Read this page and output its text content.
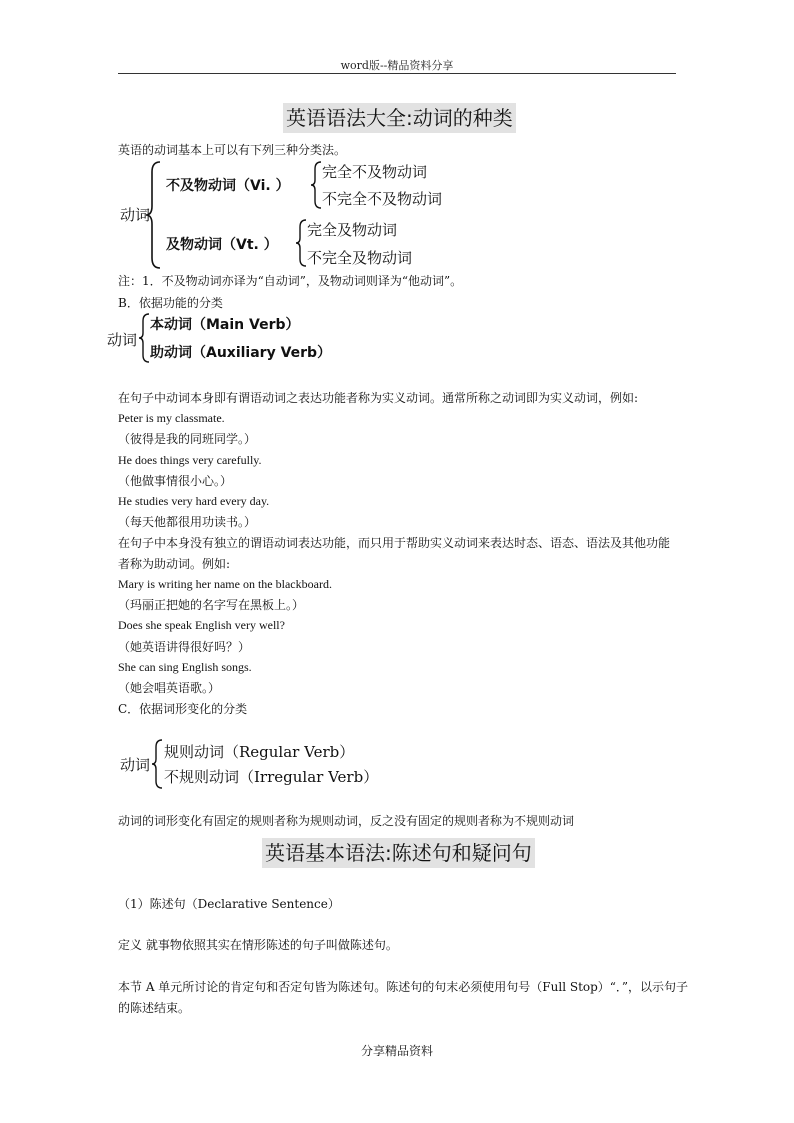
word版--精品资料分享
英语语法大全:动词的种类
英语的动词基本上可以有下列三种分类法。
动词
不及物动词（Vi. ）
完全不及物动词
不完全不及物动词
及物动词（Vt. ）
完全及物动词
不完全及物动词
注：1．不及物动词亦译为“自动词”，及物动词则译为“他动词”。
B．依据功能的分类
动词
本动词（Main Verb）
助动词（Auxiliary Verb）
在句子中动词本身即有谓语动词之表达功能者称为实义动词。通常所称之动词即为实义动词，例如:
Peter is my classmate.
（彼得是我的同班同学。）
He does things very carefully.
（他做事情很小心。）
He studies very hard every day.
（每天他都很用功读书。）
在句子中本身没有独立的谓语动词表达功能，而只用于帮助实义动词来表达时态、语态、语法及其他功能
者称为助动词。例如:
Mary is writing her name on the blackboard.
（玛丽正把她的名字写在黑板上。）
Does she speak English very well?
（她英语讲得很好吗？）
She can sing English songs.
（她会唱英语歌。）
C．依据词形变化的分类
动词
规则动词（Regular Verb）
不规则动词（Irregular Verb）
动词的词形变化有固定的规则者称为规则动词，反之没有固定的规则者称为不规则动词
英语基本语法:陈述句和疑问句
（1）陈述句（Declarative Sentence）
定义 就事物依照其实在情形陈述的句子叫做陈述句。
本节 A 单元所讨论的肯定句和否定句皆为陈述句。陈述句的句末必须使用句号（Full Stop）“．”，以示句子
的陈述结束。
分享精品资料
